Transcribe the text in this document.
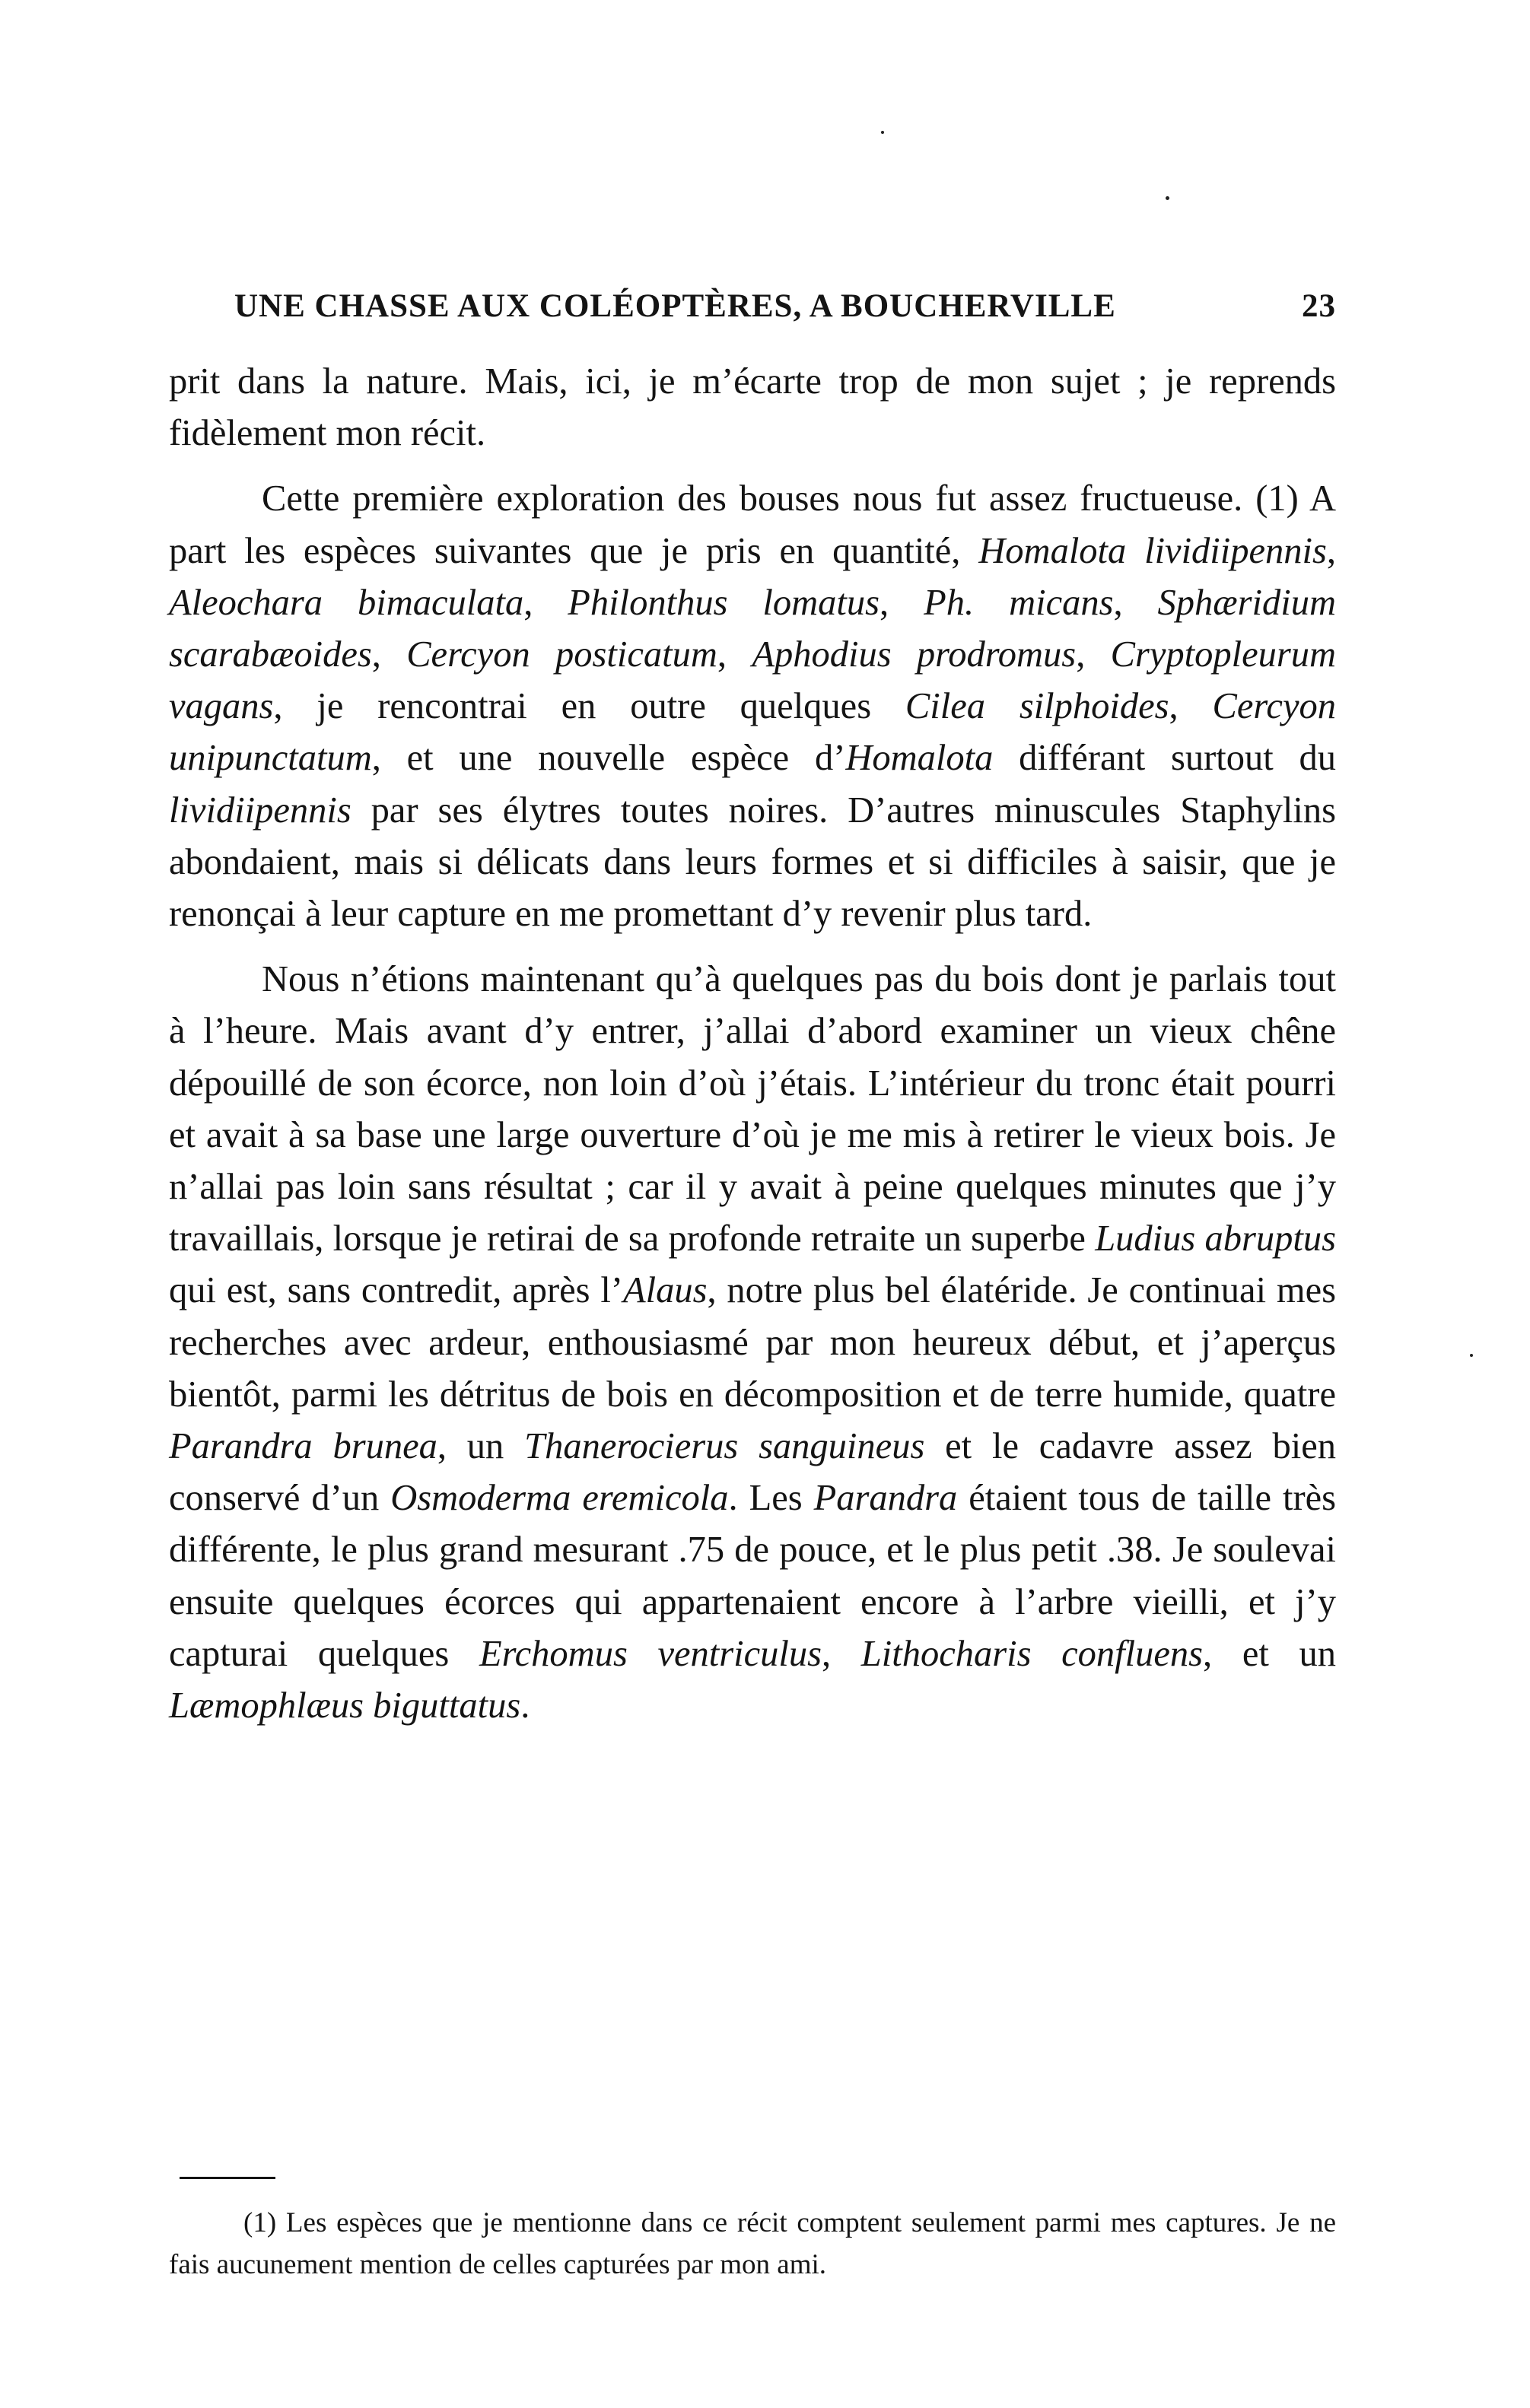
UNE CHASSE AUX COLÉOPTÈRES, A BOUCHERVILLE	23

prit dans la nature. Mais, ici, je m’écarte trop de mon sujet ; je reprends fidèlement mon récit.

Cette première exploration des bouses nous fut assez fructueuse. (1) A part les espèces suivantes que je pris en quantité, Homalota lividiipennis, Aleochara bimaculata, Philonthus lomatus, Ph. micans, Sphæridium scarabæoides, Cercyon posticatum, Aphodius prodromus, Cryptopleurum vagans, je rencontrai en outre quelques Cilea silphoides, Cercyon unipunctatum, et une nouvelle espèce d’Homalota différant surtout du lividiipennis par ses élytres toutes noires. D’autres minuscules Staphylins abondaient, mais si délicats dans leurs formes et si difficiles à saisir, que je renonçai à leur capture en me promettant d’y revenir plus tard.

Nous n’étions maintenant qu’à quelques pas du bois dont je parlais tout à l’heure. Mais avant d’y entrer, j’allai d’abord examiner un vieux chêne dépouillé de son écorce, non loin d’où j’étais. L’intérieur du tronc était pourri et avait à sa base une large ouverture d’où je me mis à retirer le vieux bois. Je n’allai pas loin sans résultat ; car il y avait à peine quelques minutes que j’y travaillais, lorsque je retirai de sa profonde retraite un superbe Ludius abruptus qui est, sans contredit, après l’Alaus, notre plus bel élatéride. Je continuai mes recherches avec ardeur, enthousiasmé par mon heureux début, et j’aperçus bientôt, parmi les détritus de bois en décomposition et de terre humide, quatre Parandra brunea, un Thanerocierus sanguineus et le cadavre assez bien conservé d’un Osmoderma eremicola. Les Parandra étaient tous de taille très différente, le plus grand mesurant .75 de pouce, et le plus petit .38. Je soulevai ensuite quelques écorces qui appartenaient encore à l’arbre vieilli, et j’y capturai quelques Erchomus ventriculus, Lithocharis confluens, et un Læmophlæus biguttatus.

(1) Les espèces que je mentionne dans ce récit comptent seulement parmi mes captures. Je ne fais aucunement mention de celles capturées par mon ami.
